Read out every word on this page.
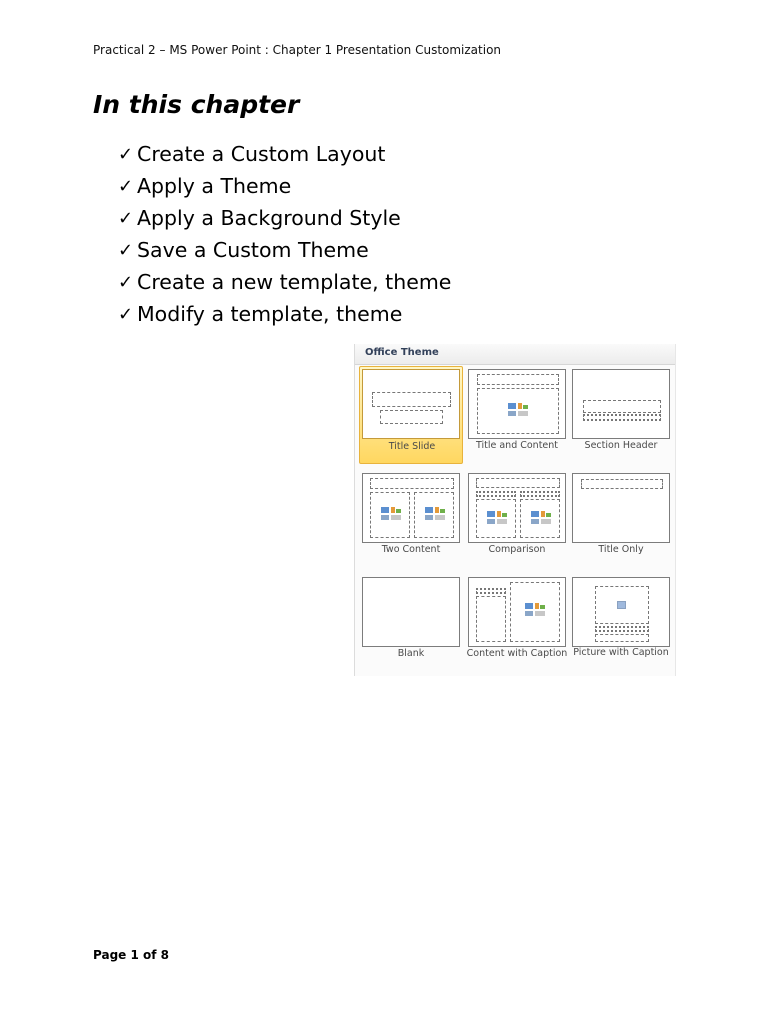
Practical 2 – MS Power Point : Chapter 1 Presentation Customization
In this chapter
✓ Create a Custom Layout
✓ Apply a Theme
✓ Apply a Background Style
✓ Save a Custom Theme
✓ Create a new template, theme
✓ Modify a template, theme
Office Theme
Title Slide	Title and Content	Section Header
Two Content	Comparison	Title Only
Blank	Content with Caption Picture with Caption
Page 1 of 8
